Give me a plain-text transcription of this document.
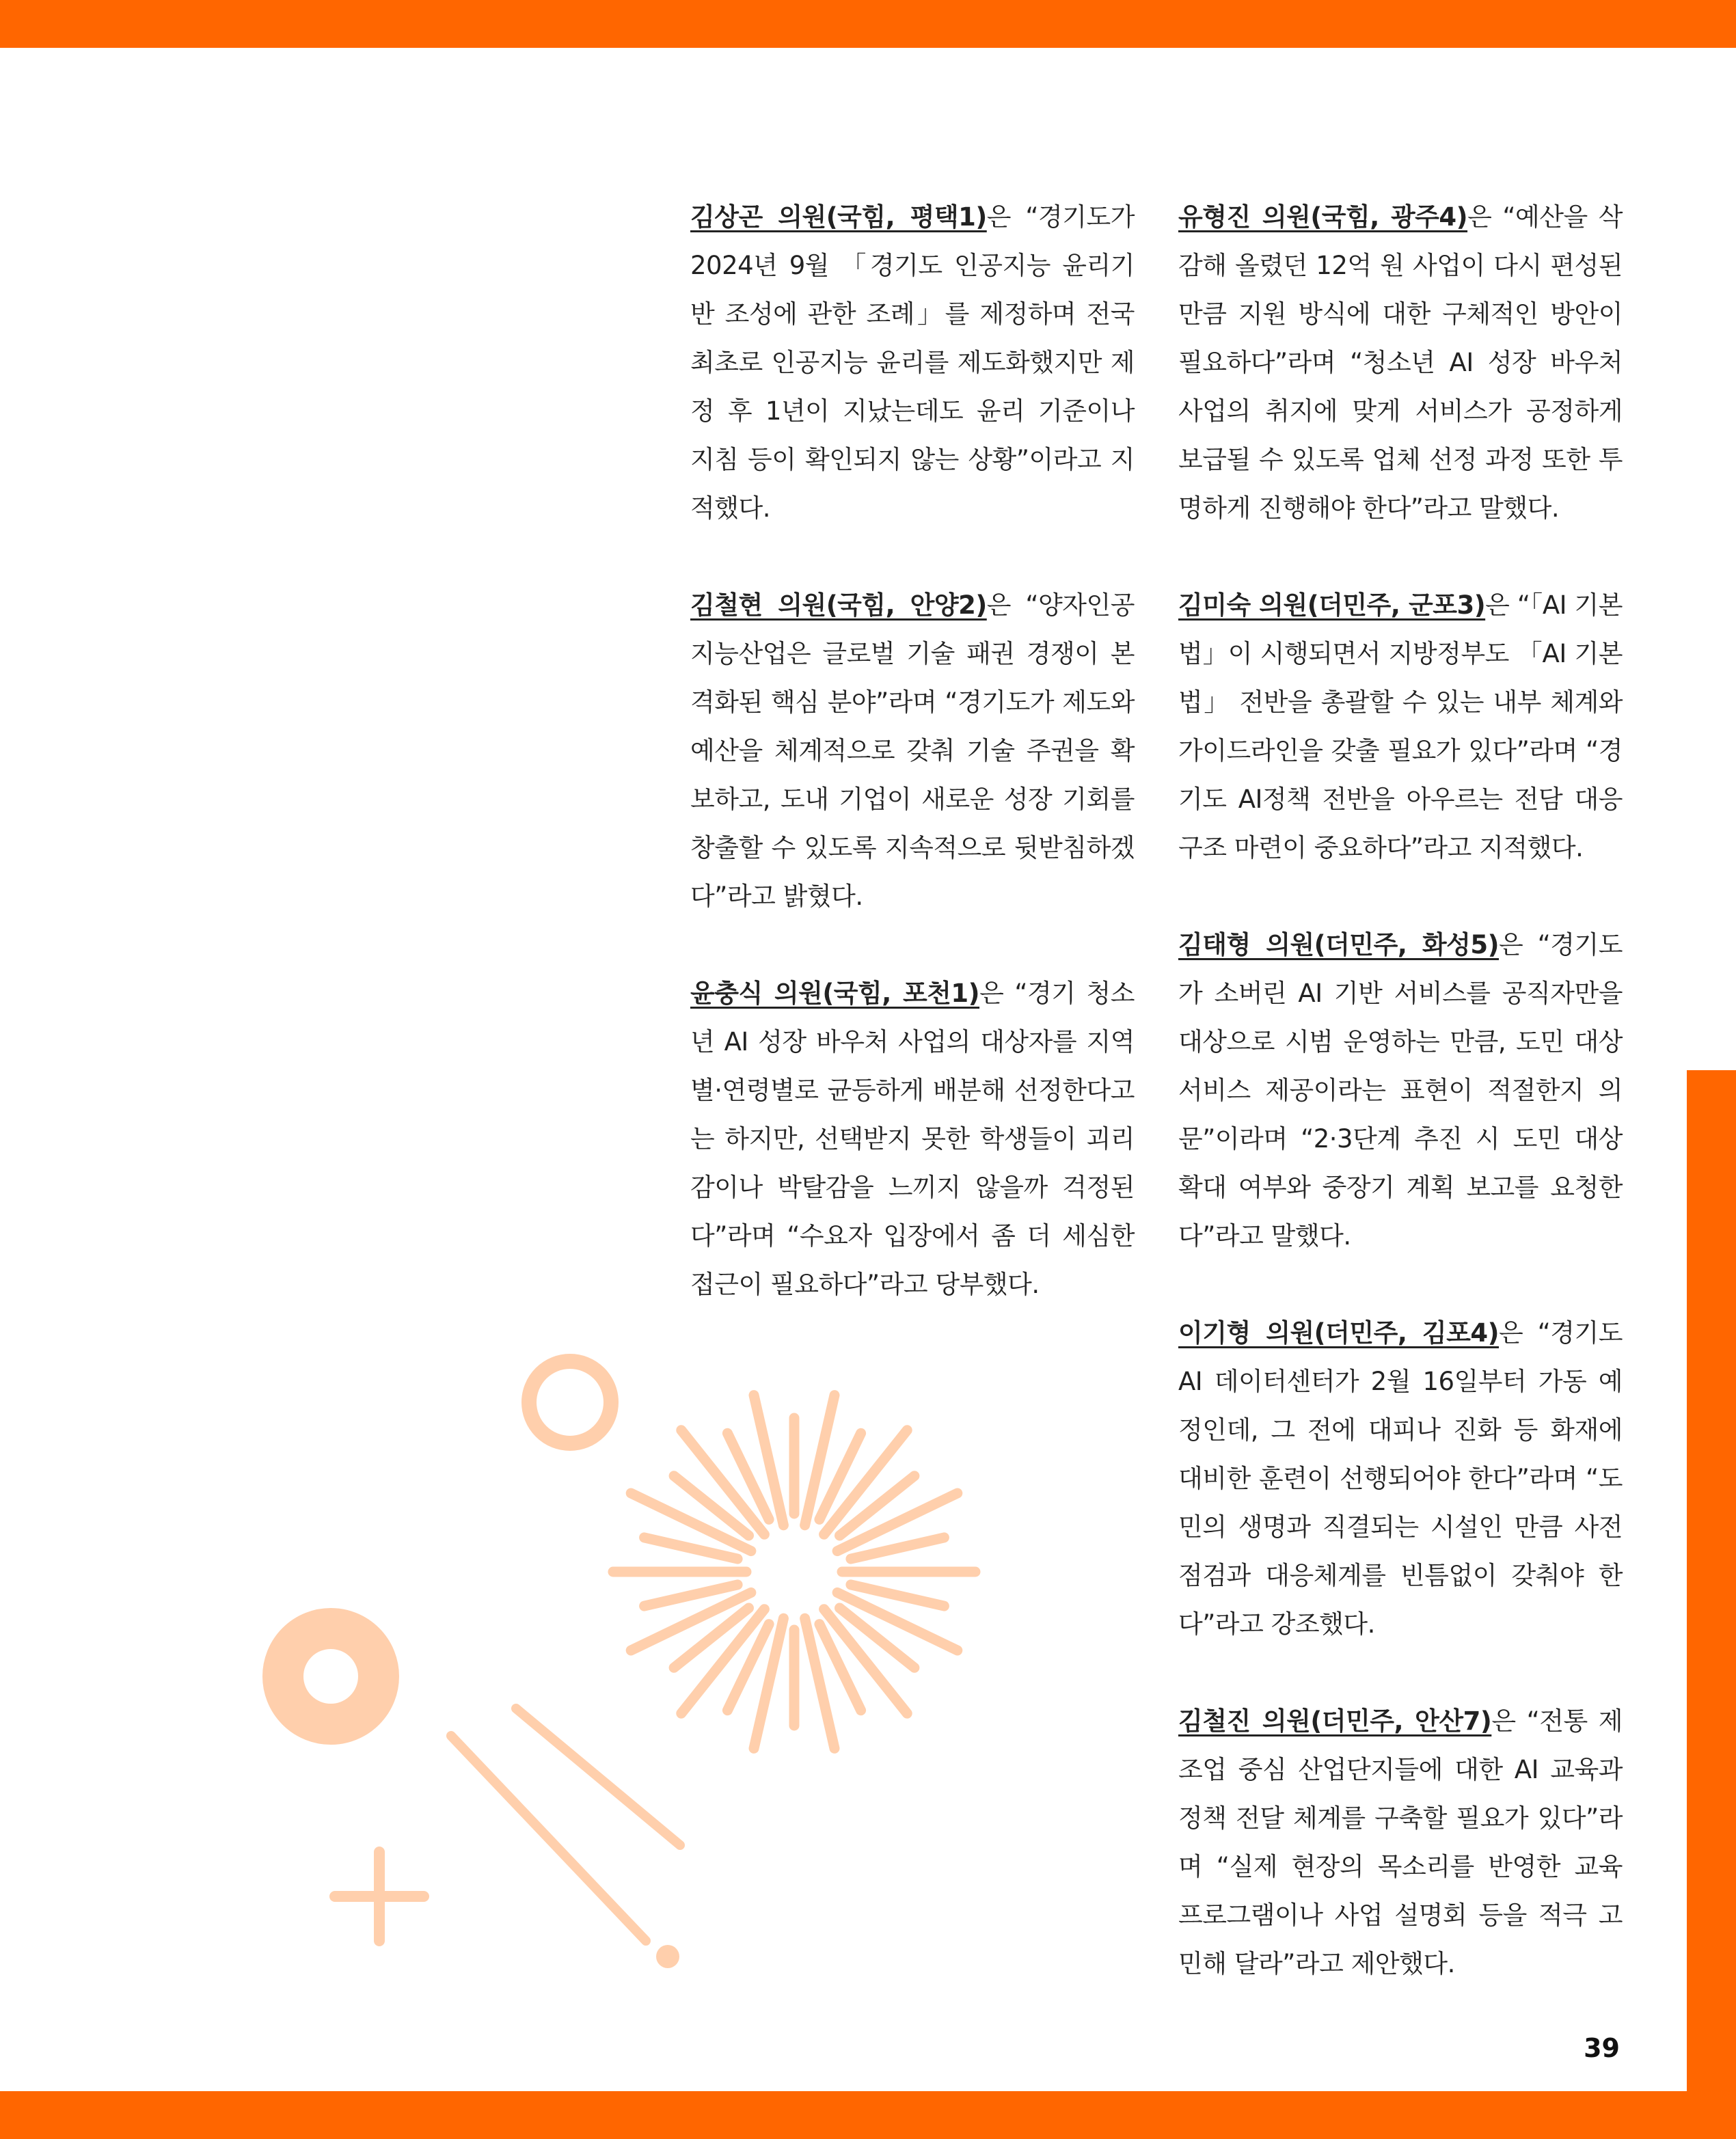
김상곤 의원(국힘, 평택1)은 “경기도가 2024년 9월 「경기도 인공지능 윤리기반 조성에 관한 조례」를 제정하며 전국 최초로 인공지능 윤리를 제도화했지만 제정 후 1년이 지났는데도 윤리 기준이나 지침 등이 확인되지 않는 상황”이라고 지적했다.

김철현 의원(국힘, 안양2)은 “양자인공지능산업은 글로벌 기술 패권 경쟁이 본격화된 핵심 분야”라며 “경기도가 제도와 예산을 체계적으로 갖춰 기술 주권을 확보하고, 도내 기업이 새로운 성장 기회를 창출할 수 있도록 지속적으로 뒷받침하겠다”라고 밝혔다.

윤충식 의원(국힘, 포천1)은 “경기 청소년 AI 성장 바우처 사업의 대상자를 지역별·연령별로 균등하게 배분해 선정한다고는 하지만, 선택받지 못한 학생들이 괴리감이나 박탈감을 느끼지 않을까 걱정된다”라며 “수요자 입장에서 좀 더 세심한 접근이 필요하다”라고 당부했다.

유형진 의원(국힘, 광주4)은 “예산을 삭감해 올렸던 12억 원 사업이 다시 편성된 만큼 지원 방식에 대한 구체적인 방안이 필요하다”라며 “청소년 AI 성장 바우처 사업의 취지에 맞게 서비스가 공정하게 보급될 수 있도록 업체 선정 과정 또한 투명하게 진행해야 한다”라고 말했다.

김미숙 의원(더민주, 군포3)은 “「AI 기본법」이 시행되면서 지방정부도 「AI 기본법」 전반을 총괄할 수 있는 내부 체계와 가이드라인을 갖출 필요가 있다”라며 “경기도 AI정책 전반을 아우르는 전담 대응 구조 마련이 중요하다”라고 지적했다.

김태형 의원(더민주, 화성5)은 “경기도가 소버린 AI 기반 서비스를 공직자만을 대상으로 시범 운영하는 만큼, 도민 대상 서비스 제공이라는 표현이 적절한지 의문”이라며 “2·3단계 추진 시 도민 대상 확대 여부와 중장기 계획 보고를 요청한다”라고 말했다.

이기형 의원(더민주, 김포4)은 “경기도 AI 데이터센터가 2월 16일부터 가동 예정인데, 그 전에 대피나 진화 등 화재에 대비한 훈련이 선행되어야 한다”라며 “도민의 생명과 직결되는 시설인 만큼 사전 점검과 대응체계를 빈틈없이 갖춰야 한다”라고 강조했다.

김철진 의원(더민주, 안산7)은 “전통 제조업 중심 산업단지들에 대한 AI 교육과 정책 전달 체계를 구축할 필요가 있다”라며 “실제 현장의 목소리를 반영한 교육 프로그램이나 사업 설명회 등을 적극 고민해 달라”라고 제안했다.

39
